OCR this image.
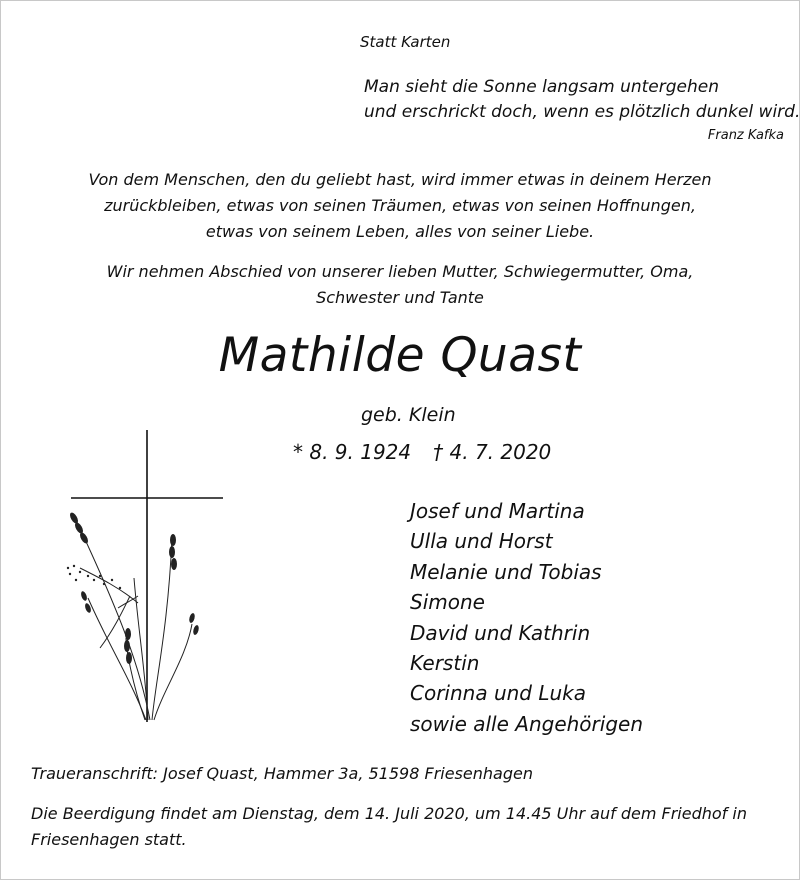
Statt Karten
Man sieht die Sonne langsam untergehen
und erschrickt doch, wenn es plötzlich dunkel wird.
Franz Kafka
Von dem Menschen, den du geliebt hast, wird immer etwas in deinem Herzen
zurückbleiben, etwas von seinen Träumen, etwas von seinen Hoffnungen,
etwas von seinem Leben, alles von seiner Liebe.
Wir nehmen Abschied von unserer lieben Mutter, Schwiegermutter, Oma,
Schwester und Tante
Mathilde Quast
geb. Klein
* 8. 9. 1924 † 4. 7. 2020
Josef und Martina
Ulla und Horst
Melanie und Tobias
Simone
David und Kathrin
Kerstin
Corinna und Luka
sowie alle Angehörigen
Traueranschrift: Josef Quast, Hammer 3a, 51598 Friesenhagen
Die Beerdigung findet am Dienstag, dem 14. Juli 2020, um 14.45 Uhr auf dem Friedhof in Friesenhagen statt.
